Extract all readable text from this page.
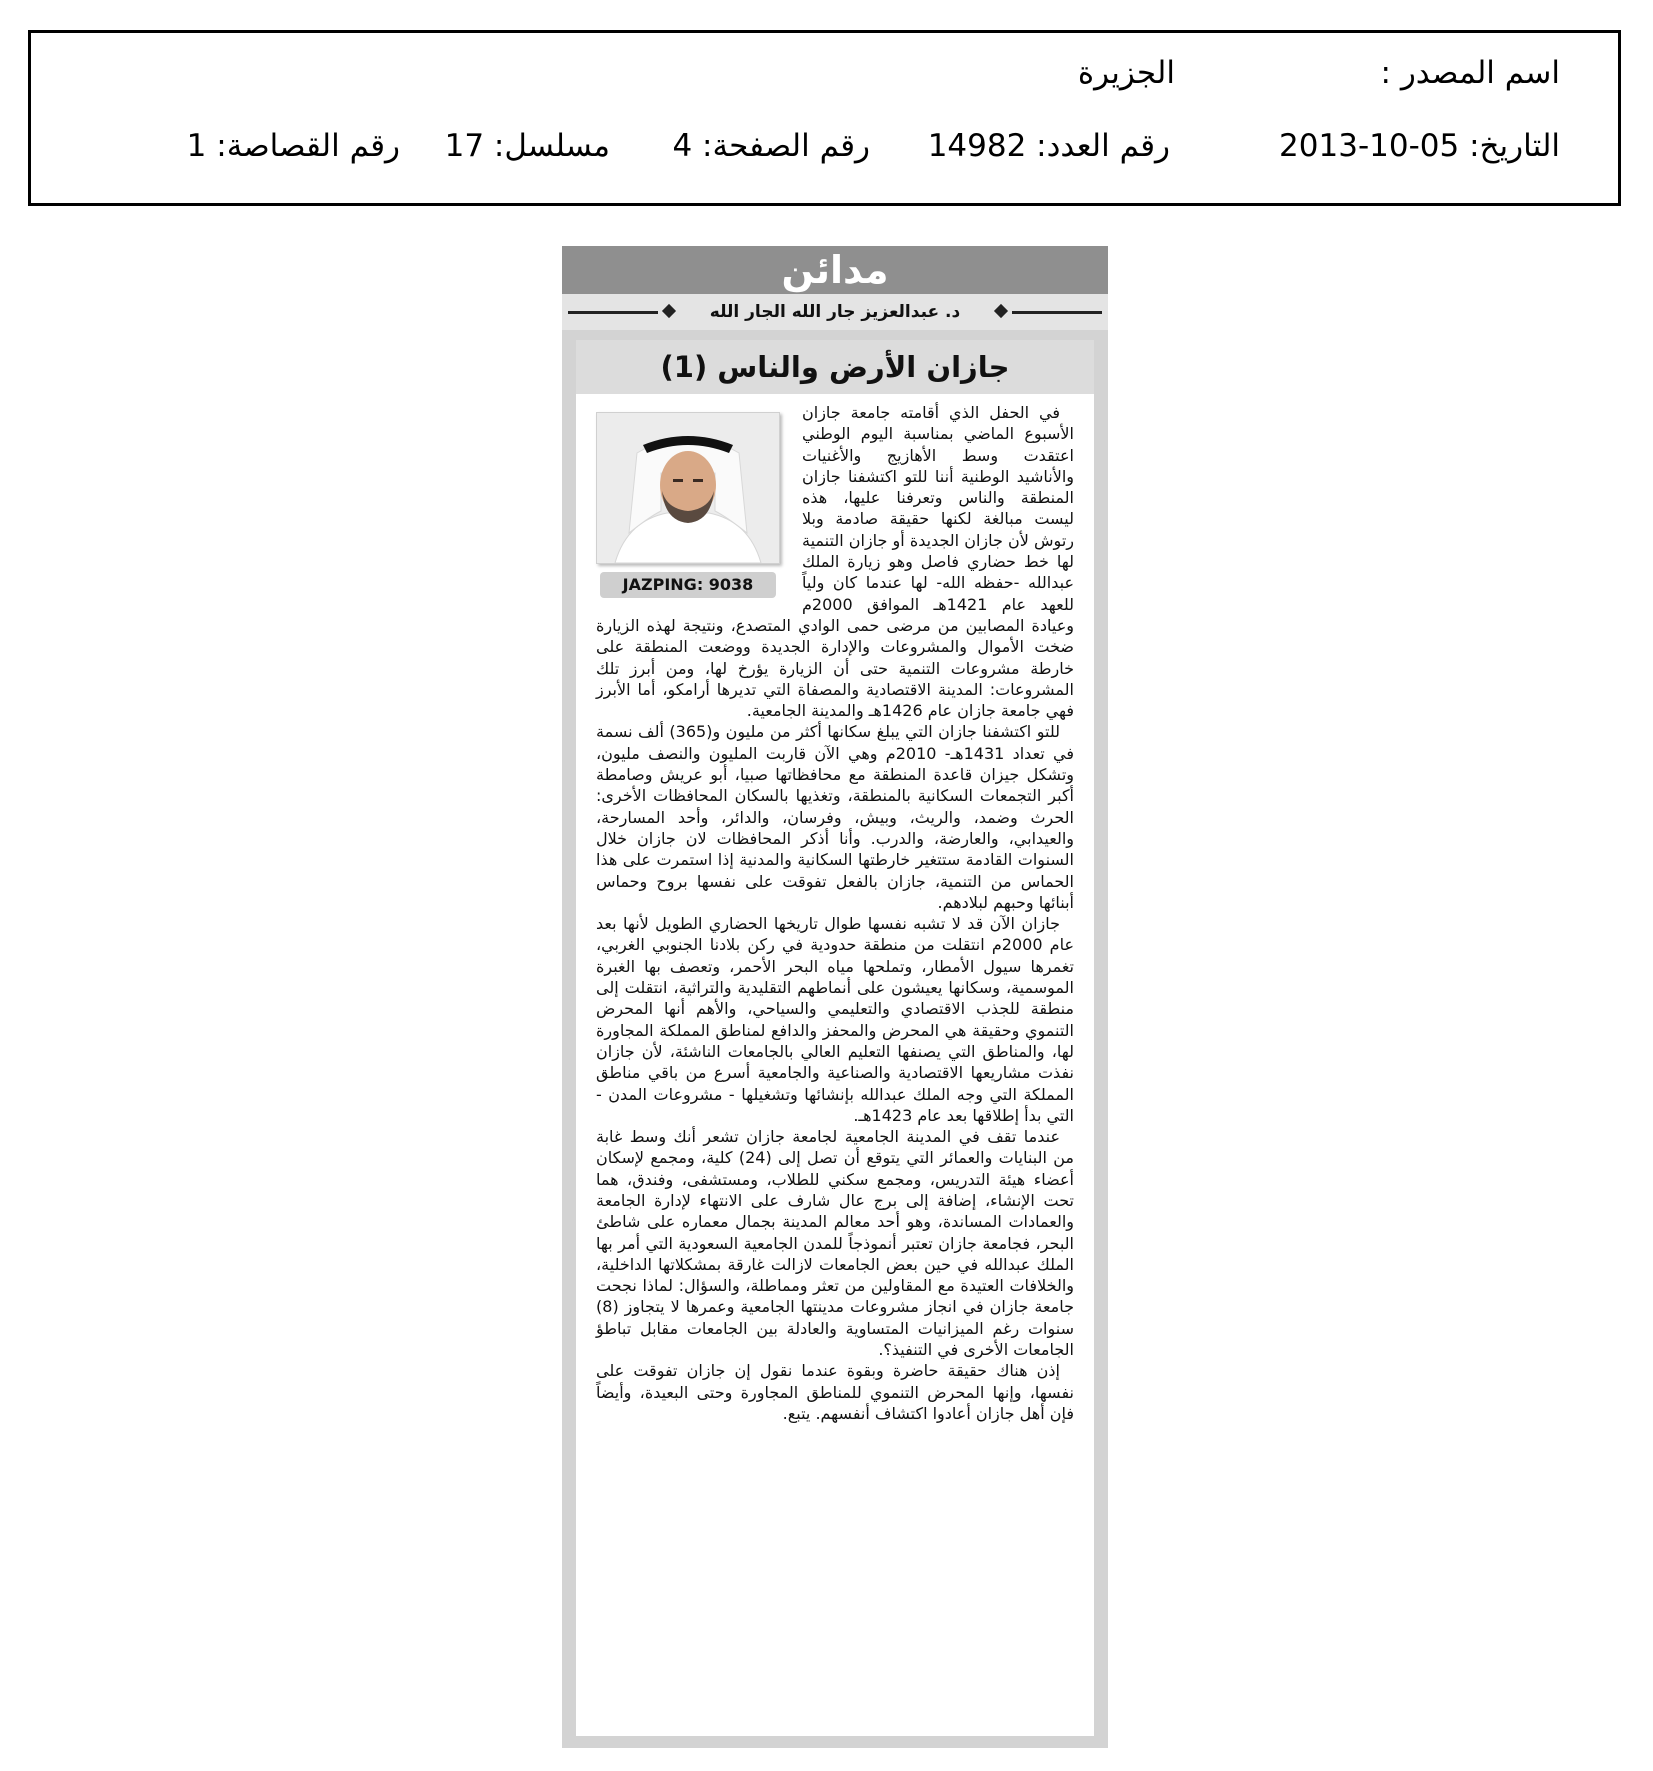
اسم المصدر :
الجزيرة
التاريخ: 05-10-2013
رقم العدد: 14982
رقم الصفحة: 4
مسلسل: 17
رقم القصاصة: 1
مدائن
د. عبدالعزيز جار الله الجار الله
جازان الأرض والناس (1)
JAZPING: 9038

في الحفل الذي أقامته جامعة جازان الأسبوع الماضي بمناسبة اليوم الوطني اعتقدت وسط الأهازيج والأغنيات والأناشيد الوطنية أننا للتو اكتشفنا جازان المنطقة والناس وتعرفنا عليها، هذه ليست مبالغة لكنها حقيقة صادمة وبلا رتوش لأن جازان الجديدة أو جازان التنمية لها خط حضاري فاصل وهو زيارة الملك عبدالله -حفظه الله- لها عندما كان ولياً للعهد عام 1421هـ الموافق 2000م وعيادة المصابين من مرضى حمى الوادي المتصدع، ونتيجة لهذه الزيارة ضخت الأموال والمشروعات والإدارة الجديدة ووضعت المنطقة على خارطة مشروعات التنمية حتى أن الزيارة يؤرخ لها، ومن أبرز تلك المشروعات: المدينة الاقتصادية والمصفاة التي تديرها أرامكو، أما الأبرز فهي جامعة جازان عام 1426هـ والمدينة الجامعية.

للتو اكتشفنا جازان التي يبلغ سكانها أكثر من مليون و(365) ألف نسمة في تعداد 1431هـ- 2010م وهي الآن قاربت المليون والنصف مليون، وتشكل جيزان قاعدة المنطقة مع محافظاتها صبيا، أبو عريش وصامطة أكبر التجمعات السكانية بالمنطقة، وتغذيها بالسكان المحافظات الأخرى: الحرث وضمد، والريث، وبيش، وفرسان، والدائر، وأحد المسارحة، والعيدابي، والعارضة، والدرب. وأنا أذكر المحافظات لان جازان خلال السنوات القادمة ستتغير خارطتها السكانية والمدنية إذا استمرت على هذا الحماس من التنمية، جازان بالفعل تفوقت على نفسها بروح وحماس أبنائها وحبهم لبلادهم.

جازان الآن قد لا تشبه نفسها طوال تاريخها الحضاري الطويل لأنها بعد عام 2000م انتقلت من منطقة حدودية في ركن بلادنا الجنوبي الغربي، تغمرها سيول الأمطار، وتملحها مياه البحر الأحمر، وتعصف بها الغبرة الموسمية، وسكانها يعيشون على أنماطهم التقليدية والتراثية، انتقلت إلى منطقة للجذب الاقتصادي والتعليمي والسياحي، والأهم أنها المحرض التنموي وحقيقة هي المحرض والمحفز والدافع لمناطق المملكة المجاورة لها، والمناطق التي يصنفها التعليم العالي بالجامعات الناشئة، لأن جازان نفذت مشاريعها الاقتصادية والصناعية والجامعية أسرع من باقي مناطق المملكة التي وجه الملك عبدالله بإنشائها وتشغيلها - مشروعات المدن - التي بدأ إطلاقها بعد عام 1423هـ.

عندما تقف في المدينة الجامعية لجامعة جازان تشعر أنك وسط غابة من البنايات والعمائر التي يتوقع أن تصل إلى (24) كلية، ومجمع لإسكان أعضاء هيئة التدريس، ومجمع سكني للطلاب، ومستشفى، وفندق، هما تحت الإنشاء، إضافة إلى برج عال شارف على الانتهاء لإدارة الجامعة والعمادات المساندة، وهو أحد معالم المدينة بجمال معماره على شاطئ البحر، فجامعة جازان تعتبر أنموذجاً للمدن الجامعية السعودية التي أمر بها الملك عبدالله في حين بعض الجامعات لازالت غارقة بمشكلاتها الداخلية، والخلافات العتيدة مع المقاولين من تعثر ومماطلة، والسؤال: لماذا نجحت جامعة جازان في انجاز مشروعات مدينتها الجامعية وعمرها لا يتجاوز (8) سنوات رغم الميزانيات المتساوية والعادلة بين الجامعات مقابل تباطؤ الجامعات الأخرى في التنفيذ؟.

إذن هناك حقيقة حاضرة وبقوة عندما نقول إن جازان تفوقت على نفسها، وإنها المحرض التنموي للمناطق المجاورة وحتى البعيدة، وأيضاً فإن أهل جازان أعادوا اكتشاف أنفسهم. يتبع.
